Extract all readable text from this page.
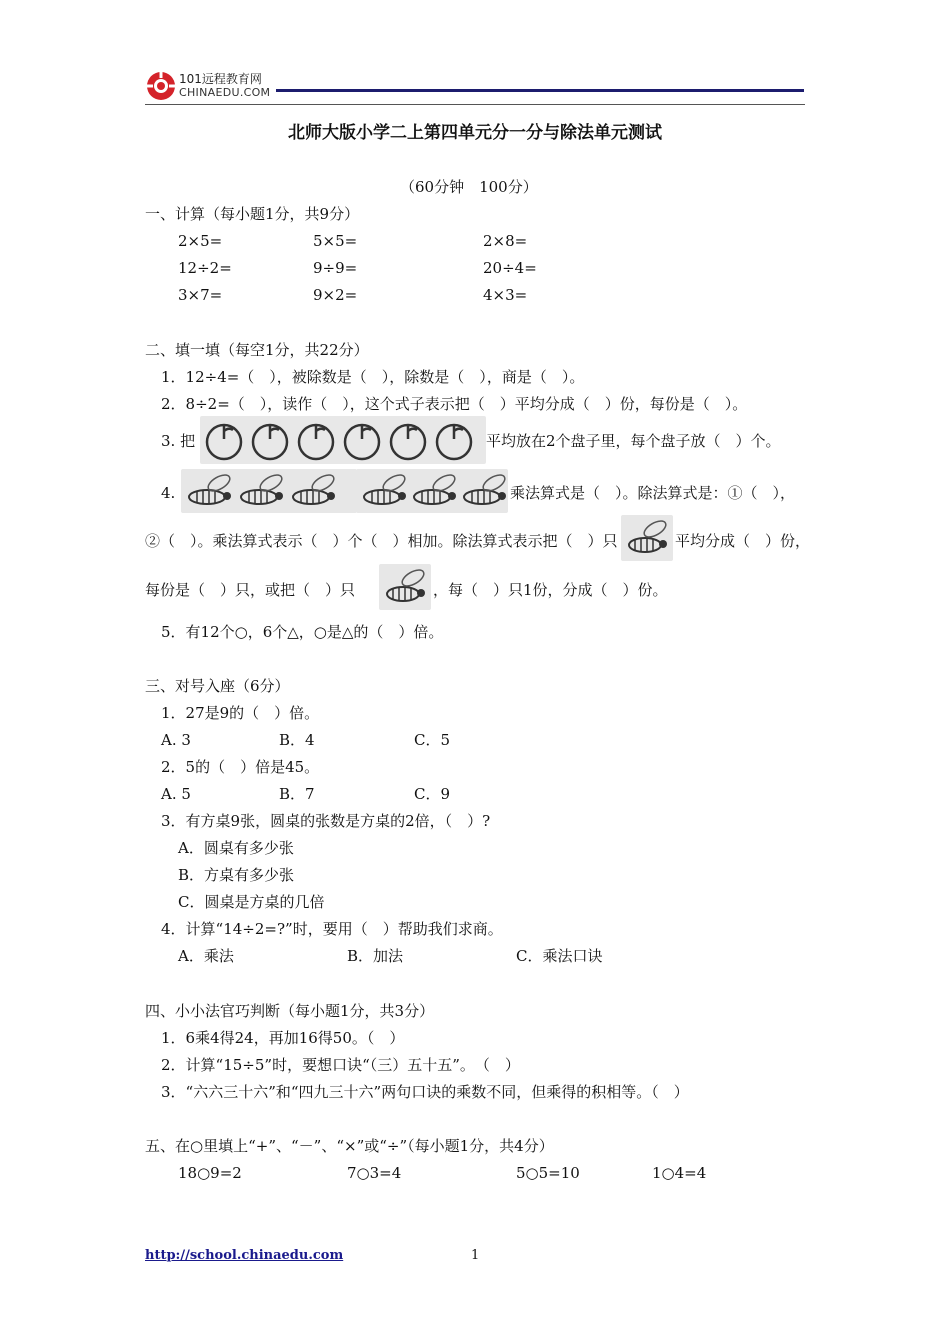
101远程教育网
CHINAEDU.COM
北师大版小学二上第四单元分一分与除法单元测试
（60分钟　100分）
一、计算（每小题1分，共9分）
2×5=	5×5=	2×8=
12÷2=	9÷9=	20÷4=
3×7=	9×2=	4×3=
二、填一填（每空1分，共22分）
1．12÷4=（　），被除数是（　），除数是（　），商是（　）。
2．8÷2=（　），读作（　），这个式子表示把（　）平均分成（　）份，每份是（　）。
3. 把	平均放在2个盘子里，每个盘子放（　）个。
4.	乘法算式是（　）。除法算式是：①（　），
②（　）。乘法算式表示（　）个（　）相加。除法算式表示把（　）只	平均分成（　）份，
每份是（　）只，或把（　）只	，每（　）只1份，分成（　）份。
5．有12个○，6个△，○是△的（　）倍。
三、对号入座（6分）
1．27是9的（　）倍。
A. 3	B．4	C．5
2．5的（　）倍是45。
A. 5	B．7	C．9
3．有方桌9张，圆桌的张数是方桌的2倍，（　）?
A．圆桌有多少张
B．方桌有多少张
C．圆桌是方桌的几倍
4．计算“14÷2=?”时，要用（　）帮助我们求商。
A．乘法	B．加法	C．乘法口诀
四、小小法官巧判断（每小题1分，共3分）
1．6乘4得24，再加16得50。（　）
2．计算“15÷5”时，要想口诀“（三）五十五”。　（　）
3．“六六三十六”和“四九三十六”两句口诀的乘数不同，但乘得的积相等。（　）
五、在○里填上“+”、“－”、“×”或“÷”（每小题1分，共4分）
18○9=2	7○3=4	5○5=10	1○4=4
http://school.chinaedu.com	1
